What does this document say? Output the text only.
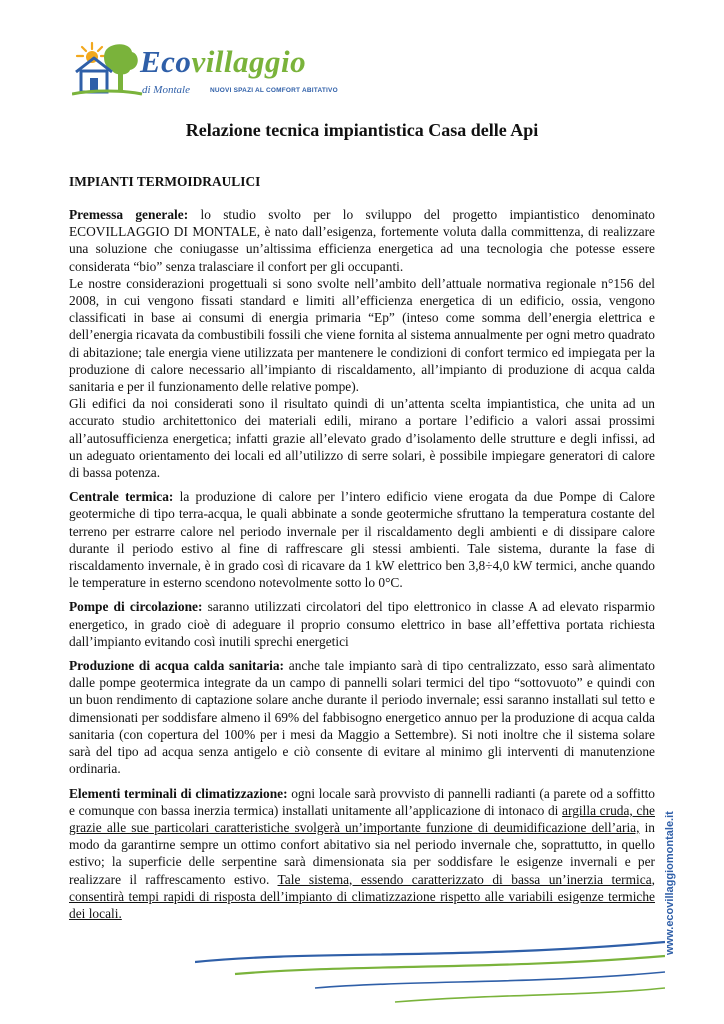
Ecovillaggio
di Montale	NUOVI SPAZI AL COMFORT ABITATIVO
Relazione tecnica impiantistica Casa delle Api
IMPIANTI TERMOIDRAULICI

Premessa generale: lo studio svolto per lo sviluppo del progetto impiantistico denominato ECOVILLAGGIO DI MONTALE, è nato dall’esigenza, fortemente voluta dalla committenza, di realizzare una soluzione che coniugasse un’altissima efficienza energetica ad una tecnologia che potesse essere considerata “bio” senza tralasciare il confort per gli occupanti.

Le nostre considerazioni progettuali si sono svolte nell’ambito dell’attuale normativa regionale n°156 del 2008, in cui vengono fissati standard e limiti all’efficienza energetica di un edificio, ossia, vengono classificati in base ai consumi di energia primaria “Ep” (inteso come somma dell’energia elettrica e dell’energia ricavata da combustibili fossili che viene fornita al sistema annualmente per ogni metro quadrato di abitazione; tale energia viene utilizzata per mantenere le condizioni di confort termico ed impiegata per la produzione di calore necessario all’impianto di riscaldamento, all’impianto di produzione di acqua calda sanitaria e per il funzionamento delle relative pompe).

Gli edifici da noi considerati sono il risultato quindi di un’attenta scelta impiantistica, che unita ad un accurato studio architettonico dei materiali edili, mirano a portare l’edificio a valori assai prossimi all’autosufficienza energetica; infatti grazie all’elevato grado d’isolamento delle strutture e degli infissi, ad un adeguato orientamento dei locali ed all’utilizzo di serre solari, è possibile impiegare generatori di calore di bassa potenza.

Centrale termica: la produzione di calore per l’intero edificio viene erogata da due Pompe di Calore geotermiche di tipo terra-acqua, le quali abbinate a sonde geotermiche sfruttano la temperatura costante del terreno per estrarre calore nel periodo invernale per il riscaldamento degli ambienti e di dissipare calore durante il periodo estivo al fine di raffrescare gli stessi ambienti. Tale sistema, durante la fase di riscaldamento invernale, è in grado così di ricavare da 1 kW elettrico ben 3,8÷4,0 kW termici, anche quando le temperature in esterno scendono notevolmente sotto lo 0°C.

Pompe di circolazione: saranno utilizzati circolatori del tipo elettronico in classe A ad elevato risparmio energetico, in grado cioè di adeguare il proprio consumo elettrico in base all’effettiva portata richiesta dall’impianto evitando così inutili sprechi energetici

Produzione di acqua calda sanitaria: anche tale impianto sarà di tipo centralizzato, esso sarà alimentato dalle pompe geotermica integrate da un campo di pannelli solari termici del tipo “sottovuoto” e quindi con un buon rendimento di captazione solare anche durante il periodo invernale; essi saranno installati sul tetto e dimensionati per soddisfare almeno il 69% del fabbisogno energetico annuo per la produzione di acqua calda sanitaria (con copertura del 100% per i mesi da Maggio a Settembre). Si noti inoltre che il sistema solare sarà del tipo ad acqua senza antigelo e ciò consente di evitare al minimo gli interventi di manutenzione ordinaria.

Elementi terminali di climatizzazione: ogni locale sarà provvisto di pannelli radianti (a parete od a soffitto e comunque con bassa inerzia termica) installati unitamente all’applicazione di intonaco di argilla cruda, che grazie alle sue particolari caratteristiche svolgerà un’importante funzione di deumidificazione dell’aria, in modo da garantirne sempre un ottimo confort abitativo sia nel periodo invernale che, soprattutto, in quello estivo; la superficie delle serpentine sarà dimensionata sia per soddisfare le esigenze invernali e per realizzare il raffrescamento estivo. Tale sistema, essendo caratterizzato di bassa un’inerzia termica, consentirà tempi rapidi di risposta dell’impianto di climatizzazione rispetto alle variabili esigenze termiche dei locali.	www.ecovillaggiomontale.it
